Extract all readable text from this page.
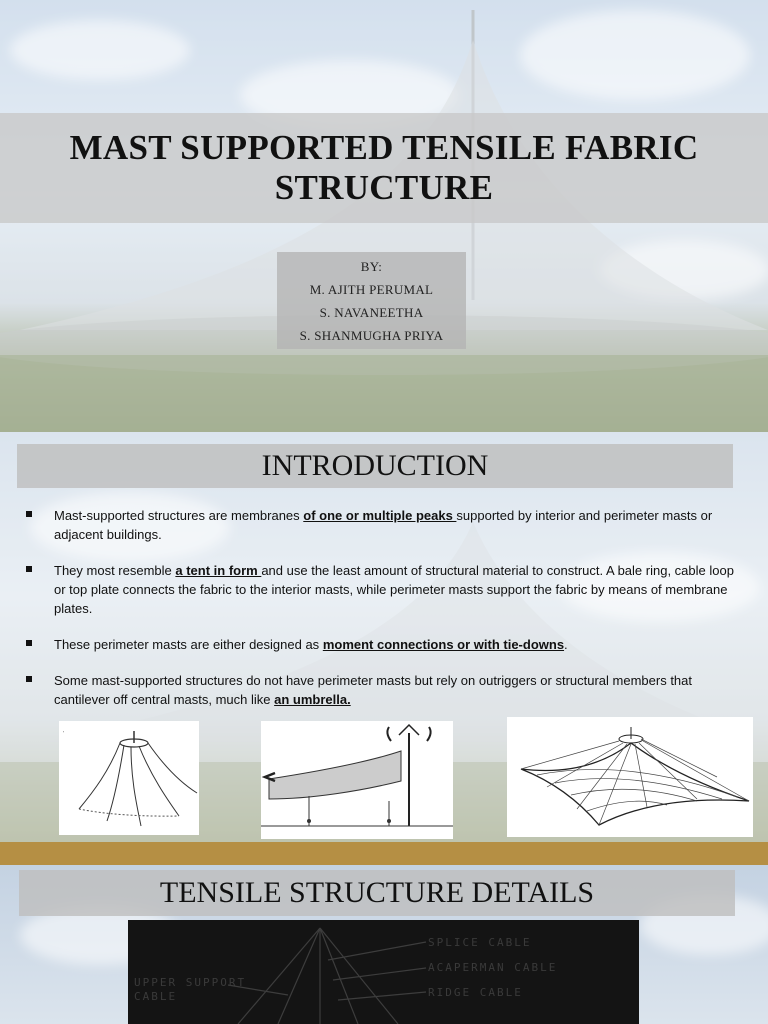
MAST SUPPORTED TENSILE FABRIC STRUCTURE
BY:
M. AJITH PERUMAL
S. NAVANEETHA
S. SHANMUGHA PRIYA
INTRODUCTION
Mast-supported structures are membranes of one or multiple peaks supported by interior and perimeter masts or adjacent buildings.
They most resemble a tent in form and use the least amount of structural material to construct. A bale ring, cable loop or top plate connects the fabric to the interior masts, while perimeter masts support the fabric by means of membrane plates.
These perimeter masts are either designed as moment connections or with tie-downs.
Some mast-supported structures do not have perimeter masts but rely on outriggers or structural members that cantilever off central masts, much like an umbrella.
'
TENSILE STRUCTURE DETAILS
SPLICE CABLE
ACAPERMAN CABLE
RIDGE CABLE
UPPER SUPPORT
CABLE
